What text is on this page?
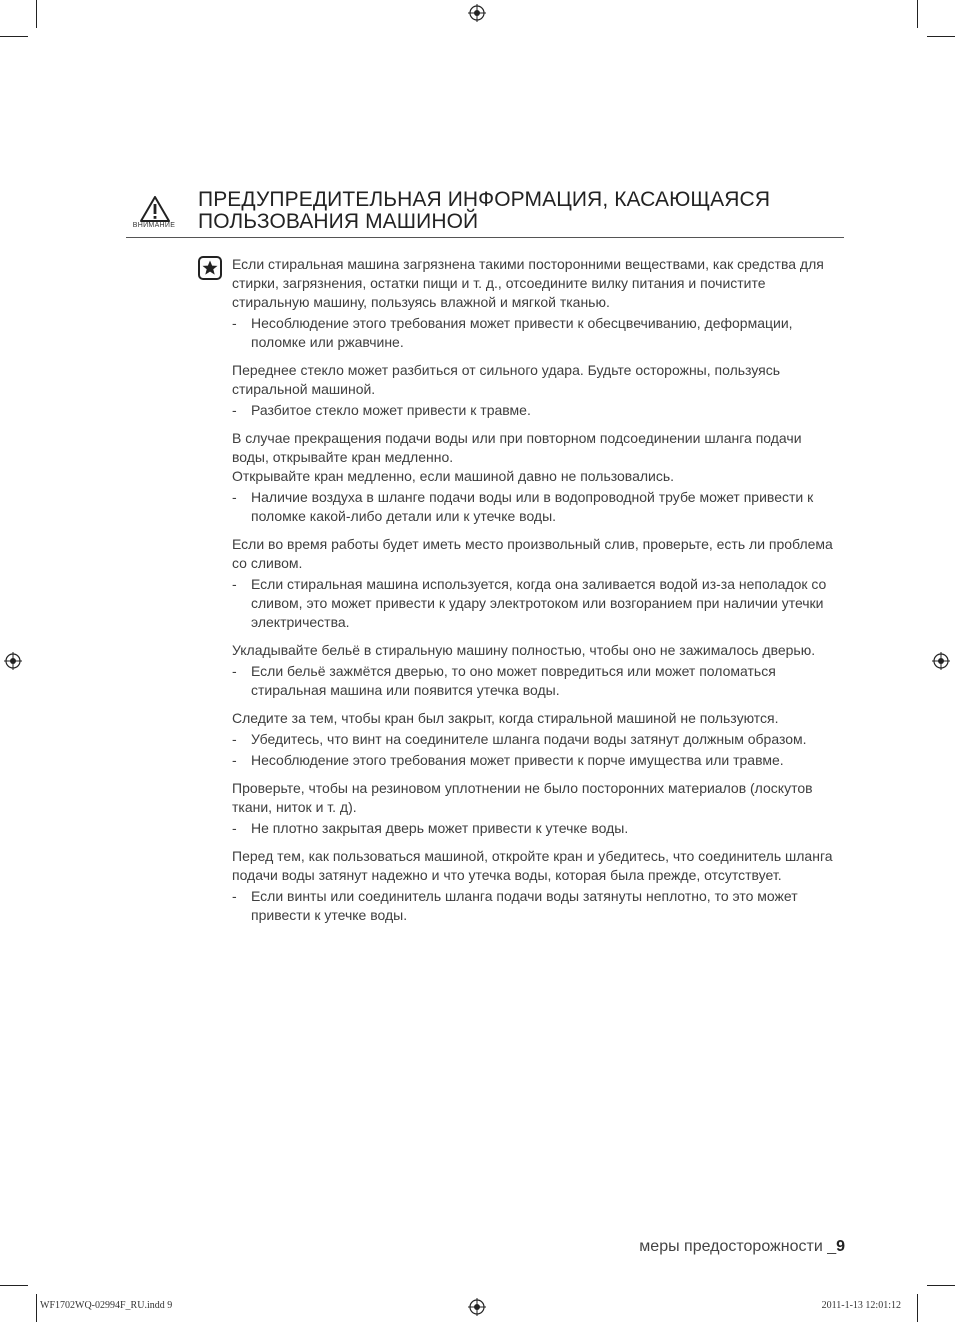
ВНИМАНИЕ
ПРЕДУПРЕДИТЕЛЬНАЯ ИНФОРМАЦИЯ, КАСАЮЩАЯСЯ
ПОЛЬЗОВАНИЯ МАШИНОЙ

Если стиральная машина загрязнена такими посторонними веществами, как средства для стирки, загрязнения, остатки пищи и т. д., отсоедините вилку питания и почистите стиральную машину, пользуясь влажной и мягкой тканью.

- Несоблюдение этого требования может привести к обесцвечиванию, деформации, поломке или ржавчине.

Переднее стекло может разбиться от сильного удара. Будьте осторожны, пользуясь стиральной машиной.

- Разбитое стекло может привести к травме.

В случае прекращения подачи воды или при повторном подсоединении шланга подачи воды, открывайте кран медленно.

Открывайте кран медленно, если машиной давно не пользовались.

- Наличие воздуха в шланге подачи воды или в водопроводной трубе может привести к поломке какой-либо детали или к утечке воды.

Если во время работы будет иметь место произвольный слив, проверьте, есть ли проблема со сливом.

- Если стиральная машина используется, когда она заливается водой из-за неполадок со сливом, это может привести к удару электротоком или возгоранием при наличии утечки электричества.

Укладывайте бельё в стиральную машину полностью, чтобы оно не зажималось дверью.

- Если бельё зажмётся дверью, то оно может повредиться или может поломаться стиральная машина или появится утечка воды.

Следите за тем, чтобы кран был закрыт, когда стиральной машиной не пользуются.

- Убедитесь, что винт на соединителе шланга подачи воды затянут должным образом.
- Несоблюдение этого требования может привести к порче имущества или травме.

Проверьте, чтобы на резиновом уплотнении не было посторонних материалов (лоскутов ткани, ниток и т. д).

- Не плотно закрытая дверь может привести к утечке воды.

Перед тем, как пользоваться машиной, откройте кран и убедитесь, что соединитель шланга подачи воды затянут надежно и что утечка воды, которая была прежде, отсутствует.

- Если винты или соединитель шланга подачи воды затянуты неплотно, то это может привести к утечке воды.
меры предосторожности _9
WF1702WQ-02994F_RU.indd 9	2011-1-13 12:01:12
